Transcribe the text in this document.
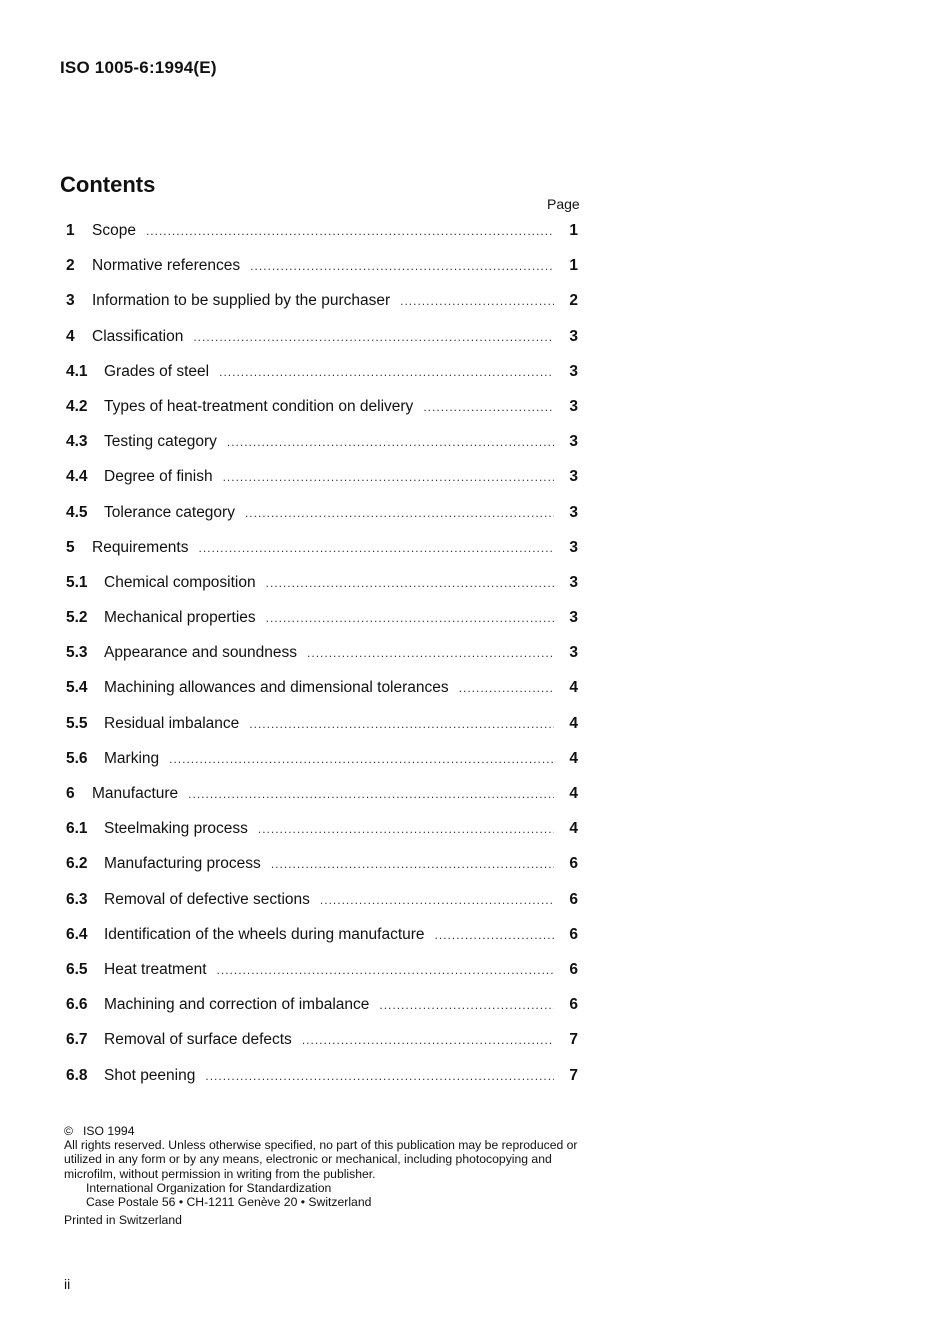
ISO 1005-6:1994(E)
Contents
Page
1	Scope .....	1
2	Normative references .....	1
3	Information to be supplied by the purchaser .....	2
4	Classification .....	3
4.1	Grades of steel .....	3
4.2	Types of heat-treatment condition on delivery .....	3
4.3	Testing category .....	3
4.4	Degree of finish .....	3
4.5	Tolerance category .....	3
5	Requirements .....	3
5.1	Chemical composition .....	3
5.2	Mechanical properties .....	3
5.3	Appearance and soundness .....	3
5.4	Machining allowances and dimensional tolerances .....	4
5.5	Residual imbalance .....	4
5.6	Marking .....	4
6	Manufacture .....	4
6.1	Steelmaking process .....	4
6.2	Manufacturing process .....	6
6.3	Removal of defective sections .....	6
6.4	Identification of the wheels during manufacture .....	6
6.5	Heat treatment .....	6
6.6	Machining and correction of imbalance .....	6
6.7	Removal of surface defects .....	7
6.8	Shot peening .....	7
© ISO 1994
All rights reserved. Unless otherwise specified, no part of this publication may be reproduced or utilized in any form or by any means, electronic or mechanical, including photocopying and microfilm, without permission in writing from the publisher.
International Organization for Standardization
Case Postale 56 • CH-1211 Genève 20 • Switzerland
Printed in Switzerland
ii
